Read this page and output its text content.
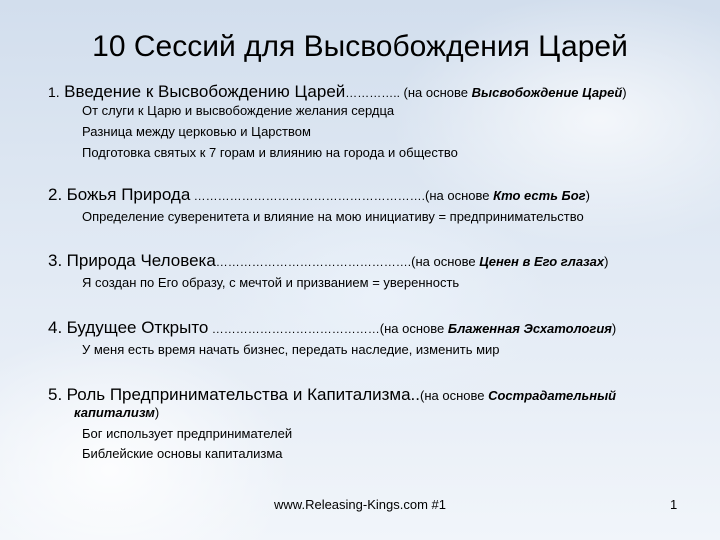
10 Сессий для Высвобождения Царей
1. Введение к Высвобождению Царей………….. (на основе Высвобождение Царей)
От слуги к Царю и высвобождение желания сердца
Разница между церковью и Царством
Подготовка святых к 7 горам и влиянию на города и общество
2. Божья Природа ………………………………………………….(на основе Кто есть Бог)
Определение суверенитета и влияние на мою инициативу = предпринимательство
3. Природа Человека………………………………………….(на основе Ценен в Его глазах)
Я создан по Его образу, с мечтой и призванием = уверенность
4. Будущее Открыто ……………………………………(на основе Блаженная Эсхатология)
У меня есть время начать бизнес, передать наследие, изменить мир
5. Роль Предпринимательства и Капитализма..(на основе Сострадательный
капитализм)
Бог использует предпринимателей
Библейские основы капитализма
www.Releasing-Kings.com #1	1
